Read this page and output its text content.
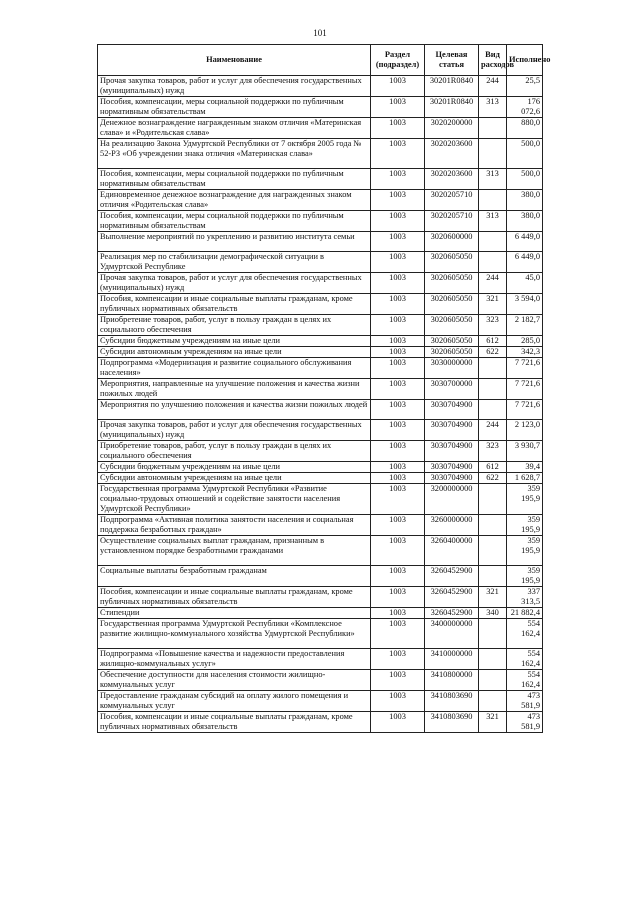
101
Наименование	Раздел (подраздел)	Целевая статья	Вид расходов	Исполнено
Прочая закупка товаров, работ и услуг для обеспечения государственных (муниципальных) нужд	1003	30201R0840	244	25,5
Пособия, компенсации, меры социальной поддержки по публичным нормативным обязательствам	1003	30201R0840	313	176 072,6
Денежное вознаграждение награжденным знаком отличия «Материнская слава» и «Родительская слава»	1003	3020200000		880,0
На реализацию Закона Удмуртской Республики от 7 октября 2005 года № 52-РЗ «Об учреждении знака отличия «Материнская слава»	1003	3020203600		500,0
Пособия, компенсации, меры социальной поддержки по публичным нормативным обязательствам	1003	3020203600	313	500,0
Единовременное денежное вознаграждение для награжденных знаком отличия «Родительская слава»	1003	3020205710		380,0
Пособия, компенсации, меры социальной поддержки по публичным нормативным обязательствам	1003	3020205710	313	380,0
Выполнение мероприятий по укреплению и развитию института семьи	1003	3020600000		6 449,0
Реализация мер по стабилизации демографической ситуации в Удмуртской Республике	1003	3020605050		6 449,0
Прочая закупка товаров, работ и услуг для обеспечения государственных (муниципальных) нужд	1003	3020605050	244	45,0
Пособия, компенсации и иные социальные выплаты гражданам, кроме публичных нормативных обязательств	1003	3020605050	321	3 594,0
Приобретение товаров, работ, услуг в пользу граждан в целях их социального обеспечения	1003	3020605050	323	2 182,7
Субсидии бюджетным учреждениям на иные цели	1003	3020605050	612	285,0
Субсидии автономным учреждениям на иные цели	1003	3020605050	622	342,3
Подпрограмма «Модернизация и развитие социального обслуживания населения»	1003	3030000000		7 721,6
Мероприятия, направленные на улучшение положения и качества жизни пожилых людей	1003	3030700000		7 721,6
Мероприятия по улучшению положения и качества жизни пожилых людей	1003	3030704900		7 721,6
Прочая закупка товаров, работ и услуг для обеспечения государственных (муниципальных) нужд	1003	3030704900	244	2 123,0
Приобретение товаров, работ, услуг в пользу граждан в целях их социального обеспечения	1003	3030704900	323	3 930,7
Субсидии бюджетным учреждениям на иные цели	1003	3030704900	612	39,4
Субсидии автономным учреждениям на иные цели	1003	3030704900	622	1 628,7
Государственная программа Удмуртской Республики «Развитие социально-трудовых отношений и содействие занятости населения Удмуртской Республики»	1003	3200000000		359 195,9
Подпрограмма «Активная политика занятости населения и социальная поддержка безработных граждан»	1003	3260000000		359 195,9
Осуществление социальных выплат гражданам, признанным в установленном порядке безработными гражданами	1003	3260400000		359 195,9
Социальные выплаты безработным гражданам	1003	3260452900		359 195,9
Пособия, компенсации и иные социальные выплаты гражданам, кроме публичных нормативных обязательств	1003	3260452900	321	337 313,5
Стипендии	1003	3260452900	340	21 882,4
Государственная программа Удмуртской Республики «Комплексное развитие жилищно-коммунального хозяйства Удмуртской Республики»	1003	3400000000		554 162,4
Подпрограмма «Повышение качества и надежности предоставления жилищно-коммунальных услуг»	1003	3410000000		554 162,4
Обеспечение доступности для населения стоимости жилищно-коммунальных услуг	1003	3410800000		554 162,4
Предоставление гражданам субсидий на оплату жилого помещения и коммунальных услуг	1003	3410803690		473 581,9
Пособия, компенсации и иные социальные выплаты гражданам, кроме публичных нормативных обязательств	1003	3410803690	321	473 581,9
